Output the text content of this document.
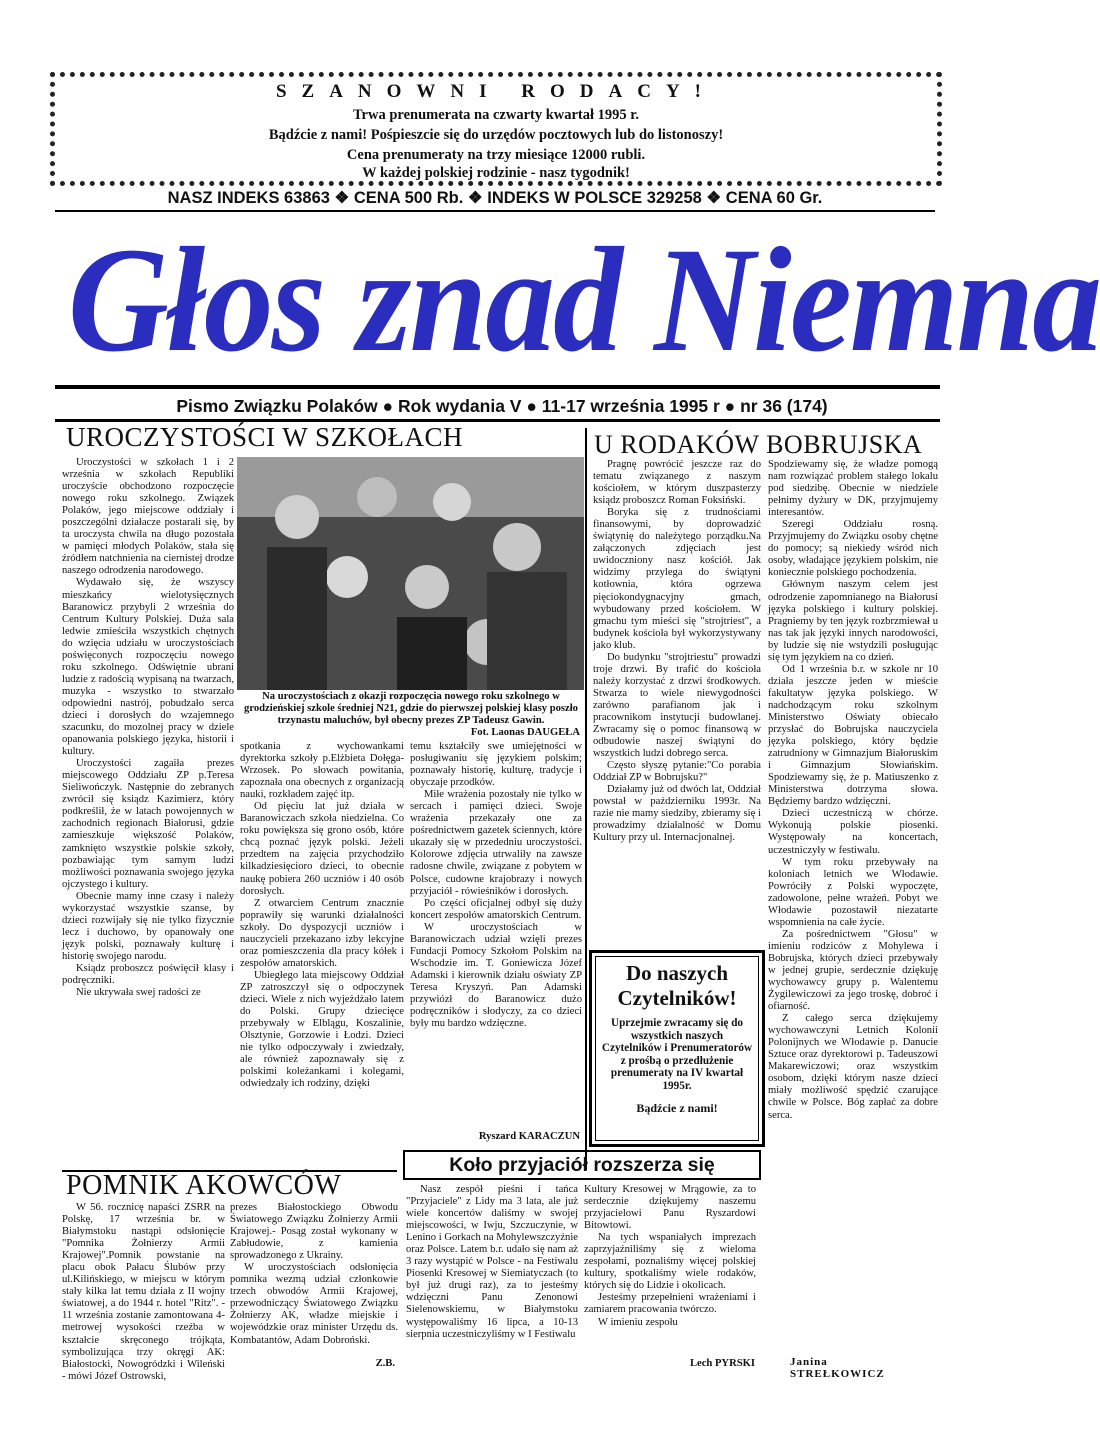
SZANOWNI RODACY!
Trwa prenumerata na czwarty kwartał 1995 r.
Bądźcie z nami! Pośpieszcie się do urzędów pocztowych lub do listonoszy!
Cena prenumeraty na trzy miesiące 12000 rubli.
W każdej polskiej rodzinie - nasz tygodnik!
NASZ INDEKS 63863 ❖ CENA 500 Rb. ❖ INDEKS W POLSCE 329258 ❖ CENA 60 Gr.
Głos znad Niemna
Pismo Związku Polaków ● Rok wydania V ● 11-17 września 1995 r ● nr 36 (174)
UROCZYSTOŚCI W SZKOŁACH

Uroczystości w szkołach 1 i 2 września w szkołach Republiki uroczyście obchodzono rozpoczęcie nowego roku szkolnego. Związek Polaków, jego miejscowe oddziały i poszczególni działacze postarali się, by ta uroczysta chwila na długo pozostała w pamięci młodych Polaków, stała się źródłem natchnienia na ciernistej drodze naszego odrodzenia narodowego.

Wydawało się, że wszyscy mieszkańcy wielotysięcznych Baranowicz przybyli 2 września do Centrum Kultury Polskiej. Duża sala ledwie zmieściła wszystkich chętnych do wzięcia udziału w uroczystościach poświęconych rozpoczęciu nowego roku szkolnego. Odświętnie ubrani ludzie z radością wypisaną na twarzach, muzyka - wszystko to stwarzało odpowiedni nastrój, pobudzało serca dzieci i dorosłych do wzajemnego szacunku, do mozolnej pracy w dziele opanowania polskiego języka, historii i kultury.

Uroczystości zagaiła prezes miejscowego Oddziału ZP p.Teresa Sieliwończyk. Następnie do zebranych zwrócił się ksiądz Kazimierz, który podkreślił, że w latach powojennych w zachodnich regionach Białorusi, gdzie zamieszkuje większość Polaków, zamknięto wszystkie polskie szkoły, pozbawiając tym samym ludzi możliwości poznawania swojego języka ojczystego i kultury.

Obecnie mamy inne czasy i należy wykorzystać wszystkie szanse, by dzieci rozwijały się nie tylko fizycznie lecz i duchowo, by opanowały one język polski, poznawały kulturę i historię swojego narodu.

Ksiądz proboszcz poświęcił klasy i podręczniki.

Nie ukrywała swej radości ze

Na uroczystościach z okazji rozpoczęcia nowego roku szkolnego w grodzieńskiej szkole średniej N21, gdzie do pierwszej polskiej klasy poszło trzynastu maluchów, był obecny prezes ZP Tadeusz Gawin.
Fot. Laonas DAUGEŁA

spotkania z wychowankami dyrektorka szkoły p.Elżbieta Dołęga-Wrzosek. Po słowach powitania, zapoznała ona obecnych z organizacją nauki, rozkładem zajęć itp.

Od pięciu lat już działa w Baranowiczach szkoła niedzielna. Co roku powiększa się grono osób, które chcą poznać język polski. Jeżeli przedtem na zajęcia przychodziło kilkadziesięciorо dzieci, to obecnie naukę pobiera 260 uczniów i 40 osób dorosłych.

Z otwarciem Centrum znacznie poprawiły się warunki działalności szkoły. Do dyspozycji uczniów i nauczycieli przekazano izby lekcyjne oraz pomieszczenia dla pracy kółek i zespołów amatorskich.

Ubiegłego lata miejscowy Oddział ZP zatroszczył się o odpoczynek dzieci. Wiele z nich wyjeżdżało latem do Polski. Grupy dziecięce przebywały w Elblągu, Koszalinie, Olsztynie, Gorzowie i Łodzi. Dzieci nie tylko odpoczywały i zwiedzały, ale również zapoznawały się z polskimi koleżankami i kolegami, odwiedzały ich rodziny, dzięki

temu kształciły swe umiejętności w posługiwaniu się językiem polskim; poznawały historię, kulturę, tradycje i obyczaje przodków.

Miłe wrażenia pozostały nie tylko w sercach i pamięci dzieci. Swoje wrażenia przekazały one za pośrednictwem gazetek ściennych, które ukazały się w przededniu uroczystości. Kolorowe zdjęcia utrwaliły na zawsze radosne chwile, związane z pobytem w Polsce, cudowne krajobrazy i nowych przyjaciół - rówieśników i dorosłych.

Po części oficjalnej odbył się duży koncert zespołów amatorskich Centrum.

W uroczystościach w Baranowiczach udział wzięli prezes Fundacji Pomocy Szkołom Polskim na Wschodzie im. T. Goniewicza Józef Adamski i kierownik działu oświaty ZP Teresa Kryszyń. Pan Adamski przywiózł do Baranowicz dużo podręczników i słodyczy, za co dzieci były mu bardzo wdzięczne.

Ryszard KARACZUN
U RODAKÓW BOBRUJSKA

Pragnę powrócić jeszcze raz do tematu związanego z naszym kościołem, w którym duszpasterzy ksiądz proboszcz Roman Foksiński.

Boryka się z trudnościami finansowymi, by doprowadzić świątynię do należytego porządku.Na załączonych zdjęciach jest uwidoczniony nasz kościół. Jak widzimy przylega do świątyni kotłownia, która ogrzewa pięciokondygnacyjny gmach, wybudowany przed kościołem. W gmachu tym mieści się "strojtriest", a budynek kościoła był wykorzystywany jako klub.

Do budynku "strojtriestu" prowadzi troje drzwi. By trafić do kościoła należy korzystać z drzwi środkowych. Stwarza to wiele niewygodności zarówno parafianom jak i pracownikom instytucji budowlanej. Zwracamy się o pomoc finansową w odbudowie naszej świątyni do wszystkich ludzi dobrego serca.

Często słyszę pytanie:"Co porabia Oddział ZP w Bobrujsku?"

Działamy już od dwóch lat, Oddział powstał w październiku 1993r. Na razie nie mamy siedziby, zbieramy się i prowadzimy działalność w Domu Kultury przy ul. Internacjonalnej.

Spodziewamy się, że władze pomogą nam rozwiązać problem stałego lokalu pod siedzibę. Obecnie w niedziele pełnimy dyżury w DK, przyjmujemy interesantów.

Szeregi Oddziału rosną. Przyjmujemy do Związku osoby chętne do pomocy; są niekiedy wśród nich osoby, władające językiem polskim, nie koniecznie polskiego pochodzenia.

Głównym naszym celem jest odrodzenie zapomnianego na Białorusi języka polskiego i kultury polskiej. Pragniemy by ten język rozbrzmiewał u nas tak jak języki innych narodowości, by ludzie się nie wstydzili posługując się tym językiem na co dzień.

Od 1 września b.r. w szkole nr 10 działa jeszcze jeden w mieście fakultatyw języka polskiego. W nadchodzącym roku szkolnym Ministerstwo Oświaty obiecało przysłać do Bobrujska nauczyciela języka polskiego, który będzie zatrudniony w Gimnazjum Białoruskim i Gimnazjum Słowiańskim. Spodziewamy się, że p. Matiuszenko z Ministerstwa dotrzyma słowa. Będziemy bardzo wdzięczni.

Dzieci uczestniczą w chórze. Wykonują polskie piosenki. Występowały na koncertach, uczestniczyły w festiwalu.

W tym roku przebywały na koloniach letnich we Włodawie. Powróciły z Polski wypoczęte, zadowolone, pełne wrażeń. Pobyt we Włodawie pozostawił niezatarte wspomnienia na całe życie.

Za pośrednictwem "Głosu" w imieniu rodziców z Mohylewa i Bobrujska, których dzieci przebywały w jednej grupie, serdecznie dziękuję wychowawcy grupy p. Walentemu Żygilewiczowi za jego troskę, dobroć i ofiarność.

Z całego serca dziękujemy wychowawczyni Letnich Kolonii Polonijnych we Włodawie p. Danucie Sztuce oraz dyrektorowi p. Tadeuszowi Makarewiczowi; oraz wszystkim osobom, dzięki którym nasze dzieci miały możliwość spędzić czarujące chwile w Polsce. Bóg zapłać za dobre serca.

Janina     STREŁKOWICZ
Do naszych
Czytelników!
Uprzejmie zwracamy się do wszystkich naszych Czytelników i Prenumeratorów z prośbą o przedłużenie prenumeraty na IV kwartał 1995r.
Bądźcie z nami!
POMNIK AKOWCÓW

W 56. rocznicę napaści ZSRR na Polskę, 17 września br. w Białymstoku nastąpi odsłonięcie "Pomnika Żołnierzy Armii Krajowej".Pomnik powstanie na placu obok Pałacu Ślubów przy ul.Kilińskiego, w miejscu w którym stały kilka lat temu działa z II wojny światowej, a do 1944 r. hotel "Ritz". - 11 września zostanie zamontowana 4-metrowej wysokości rzeźba w kształcie skręconego trójkąta, symbolizująca trzy okręgi AK: Białostocki, Nowogródzki i Wileński - mówi Józef Ostrowski,

prezes Białostockiego Obwodu Światowego Związku Żołnierzy Armii Krajowej.- Posąg został wykonany w Zabłudowie, z kamienia sprowadzonego z Ukrainy.

W uroczystościach odsłonięcia pomnika wezmą udział członkowie trzech obwodów Armii Krajowej, przewodniczący Światowego Związku Żołnierzy AK, władze miejskie i wojewódzkie oraz minister Urzędu ds. Kombatantów, Adam Dobroński.

Z.B.
Koło przyjaciół rozszerza się

Nasz zespół pieśni i tańca "Przyjaciele" z Lidy ma 3 lata, ale już wiele koncertów daliśmy w swojej miejscowości, w Iwju, Szczuczynie, w Lenino i Gorkach na Mohylewszczyźnie oraz Polsce. Latem b.r. udało się nam aż 3 razy wystąpić w Polsce - na Festiwalu Piosenki Kresowej w Siemiatyczach (to był już drugi raz), za to jesteśmy wdzięczni Panu Zenonowi Sielenowskiemu, w Białymstoku występowaliśmy 16 lipca, a 10-13 sierpnia uczestniczyliśmy w I Festiwalu

Kultury Kresowej w Mrągowie, za to serdecznie dziękujemy naszemu przyjacielowi Panu Ryszardowi Bitowtowi.

Na tych wspaniałych imprezach zaprzyjaźniliśmy się z wieloma zespołami, poznaliśmy więcej polskiej kultury, spotkaliśmy wiele rodaków, których się do Lidzie i okolicach.

Jesteśmy przepełnieni wrażeniami i zamiarem pracowania twórczo.

W imieniu zespołu

Lech PYRSKI
